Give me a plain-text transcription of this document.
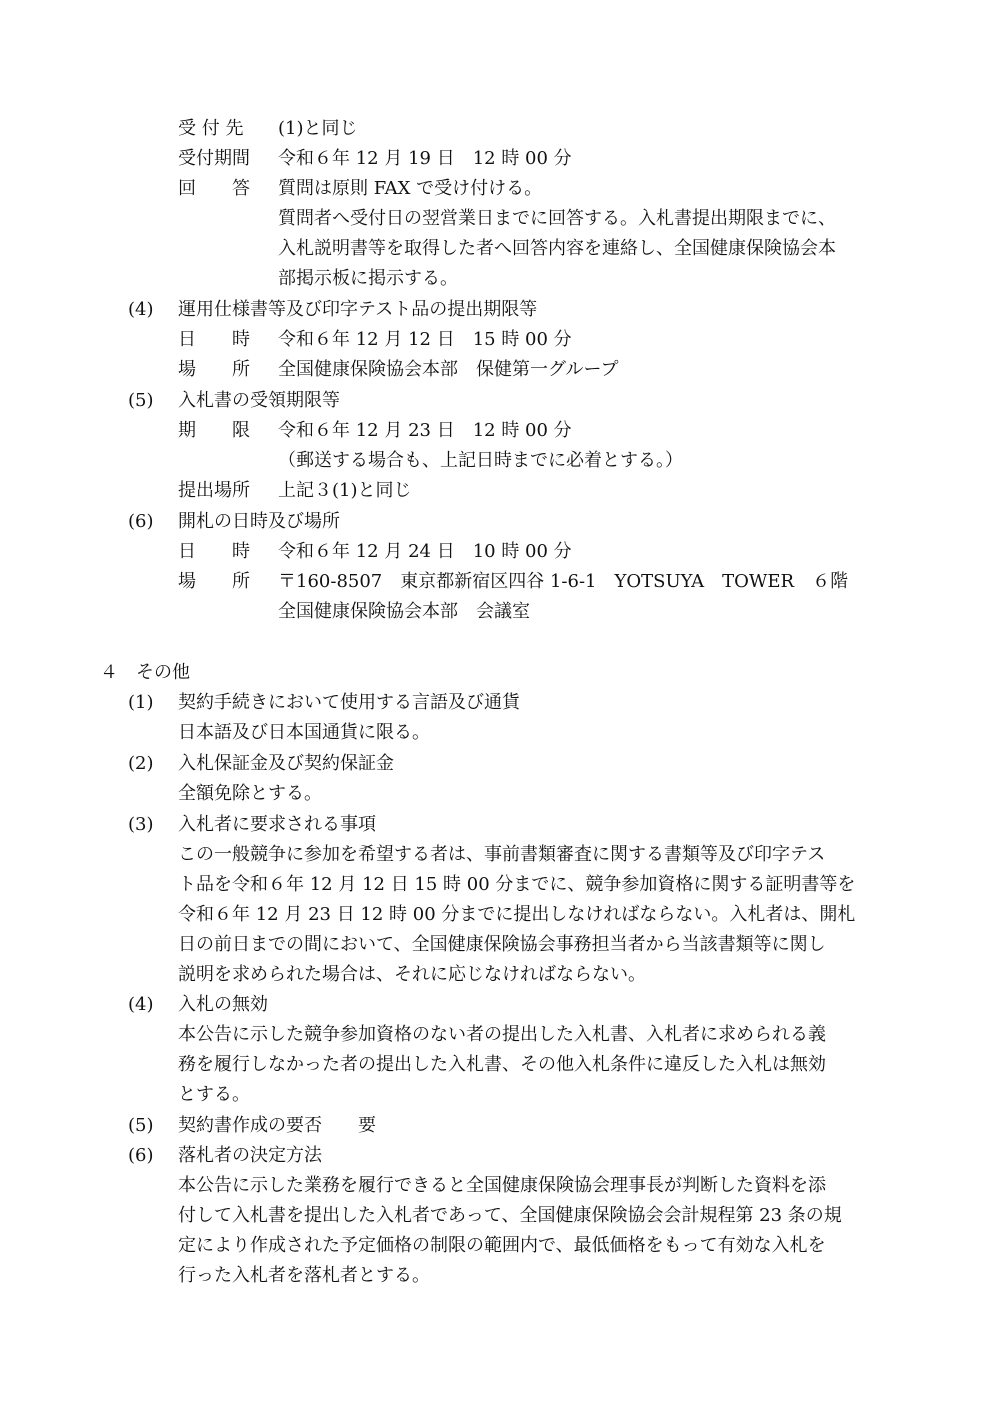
受 付 先 (1)と同じ
受付期間 令和６年 12 月 19 日　12 時 00 分
回　　答 質問は原則 FAX で受け付ける。
質問者へ受付日の翌営業日までに回答する。入札書提出期限までに、
入札説明書等を取得した者へ回答内容を連絡し、全国健康保険協会本
部掲示板に掲示する。
(4) 運用仕様書等及び印字テスト品の提出期限等
日　　時 令和６年 12 月 12 日　15 時 00 分
場　　所 全国健康保険協会本部　保健第一グループ
(5) 入札書の受領期限等
期　　限 令和６年 12 月 23 日　12 時 00 分
（郵送する場合も、上記日時までに必着とする。）
提出場所 上記３(1)と同じ
(6) 開札の日時及び場所
日　　時 令和６年 12 月 24 日　10 時 00 分
場　　所 〒160-8507　東京都新宿区四谷 1-6-1　YOTSUYA　TOWER　６階
全国健康保険協会本部　会議室
４　その他
(1) 契約手続きにおいて使用する言語及び通貨
日本語及び日本国通貨に限る。
(2) 入札保証金及び契約保証金
全額免除とする。
(3) 入札者に要求される事項
この一般競争に参加を希望する者は、事前書類審査に関する書類等及び印字テス
ト品を令和６年 12 月 12 日 15 時 00 分までに、競争参加資格に関する証明書等を
令和６年 12 月 23 日 12 時 00 分までに提出しなければならない。入札者は、開札
日の前日までの間において、全国健康保険協会事務担当者から当該書類等に関し
説明を求められた場合は、それに応じなければならない。
(4) 入札の無効
本公告に示した競争参加資格のない者の提出した入札書、入札者に求められる義
務を履行しなかった者の提出した入札書、その他入札条件に違反した入札は無効
とする。
(5) 契約書作成の要否　　要
(6) 落札者の決定方法
本公告に示した業務を履行できると全国健康保険協会理事長が判断した資料を添
付して入札書を提出した入札者であって、全国健康保険協会会計規程第 23 条の規
定により作成された予定価格の制限の範囲内で、最低価格をもって有効な入札を
行った入札者を落札者とする。
